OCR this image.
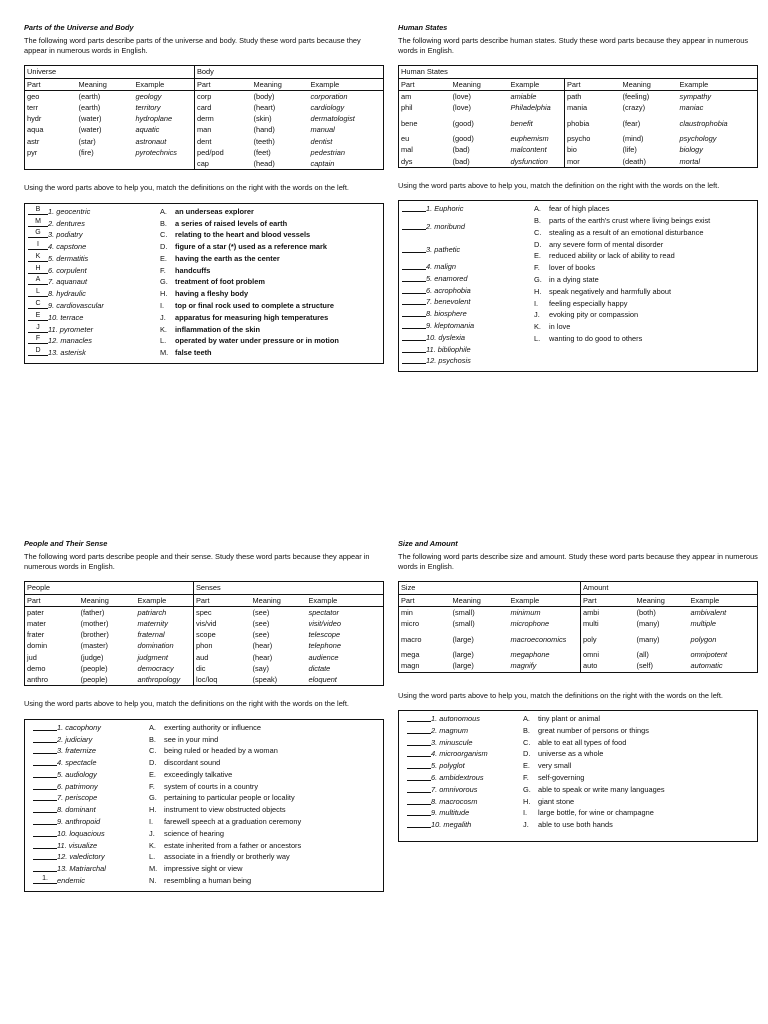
Parts of the Universe and Body
The following word parts describe parts of the universe and body. Study these word parts because they appear in numerous words in English.
Universe			Body		
Part	Meaning	Example	Part	Meaning	Example
geo	(earth)	geology	corp	(body)	corporation
terr	(earth)	territory	card	(heart)	cardiology
hydr	(water)	hydroplane	derm	(skin)	dermatologist
aqua	(water)	aquatic	man	(hand)	manual
astr	(star)	astronaut	dent	(teeth)	dentist
pyr	(fire)	pyrotechnics	ped/pod	(feet)	pedestrian
			cap	(head)	captain
Using the word parts above to help you, match the definitions on the right with the words on the left.
B	1. geocentric
M 2. dentures
G 3. podiatry
I	4. capstone
K	5. dermatitis
H	6. corpulent
A	7. aquanaut
L	8. hydraulic
C	9. cardiovascular
E	10. terrace
J	11. pyrometer
F	12. manacles
D	13. asterisk
A.	an underseas explorer
B.	a series of raised levels of earth
C.	relating to the heart and blood vessels
D.	figure of a star (*) used as a reference mark
E.	having the earth as the center
F.	handcuffs
G. treatment of foot problem
H.	having a fleshy body
I.	top or final rock used to complete a structure
J.	apparatus for measuring high temperatures
K.	inflammation of the skin
L.	operated by water under pressure or in motion
M. false teeth
Human States
The following word parts describe human states. Study these word parts because they appear in numerous words in English.
Human States					
Part	Meaning	Example	Part	Meaning	Example
am	(love)	amiable	path	(feeling)	sympathy
phil	(love)	Philadelphia	mania	(crazy)	maniac
bene	(good)	benefit	phobia	(fear)	claustrophobia
eu	(good)	euphemism	psycho	(mind)	psychology
mal	(bad)	malcontent	bio	(life)	biology
dys	(bad)	dysfunction	mor	(death)	mortal
Using the word parts above to help you, match the definition on the right with the words on the left.
1. Euphoric
2. moribund
3. pathetic
4. malign
5. enamored
6. acrophobia
7. benevolent
8. biosphere
9. kleptomania
10. dyslexia
11. bibliophile
12. psychosis
A.	fear of high places
B.	parts of the earth's crust where living beings exist
C.	stealing as a result of an emotional disturbance
D.	any severe form of mental disorder
E.	reduced ability or lack of ability to read
F.	lover of books
G. in a dying state
H.	speak negatively and harmfully about
I.	feeling especially happy
J.	evoking pity or compassion
K.	in love
L.	wanting to do good to others
People and Their Sense
The following word parts describe people and their sense. Study these word parts because they appear in numerous words in English.
People			Senses		
Part	Meaning	Example	Part	Meaning	Example
pater	(father)	patriarch	spec	(see)	spectator
mater	(mother)	maternity	vis/vid	(see)	visit/video
frater	(brother)	fraternal	scope	(see)	telescope
domin	(master)	domination	phon	(hear)	telephone
jud	(judge)	judgment	aud	(hear)	audience
demo	(people)	democracy	dic	(say)	dictate
anthro	(people)	anthropology	loc/loq	(speak)	eloquent
Using the word parts above to help you, match the definitions on the right with the words on the left.
1. cacophony
2. judiciary
3. fraternize
4. spectacle
5. audiology
6. patrimony
7. periscope
8. dominant
9. anthropoid
10. loquacious
11. visualize
12. valedictory
13. Matriarchal
1.	endemic
A.	exerting authority or influence
B.	see in your mind
C.	being ruled or headed by a woman
D.	discordant sound
E.	exceedingly talkative
F.	system of courts in a country
G. pertaining to particular people or locality
H.	instrument to view obstructed objects
I.	farewell speech at a graduation ceremony
J.	science of hearing
K.	estate inherited from a father or ancestors
L.	associate in a friendly or brotherly way
M. impressive sight or view
N.	resembling a human being
Size and Amount
The following word parts describe size and amount. Study these word parts because they appear in numerous words in English.
Size			Amount		
Part	Meaning	Example	Part	Meaning	Example
min	(small)	minimum	ambi	(both)	ambivalent
micro	(small)	microphone	multi	(many)	multiple
macro	(large)	macroeconomics	poly	(many)	polygon
mega	(large)	megaphone	omni	(all)	omnipotent
magn	(large)	magnify	auto	(self)	automatic
Using the word parts above to help you, match the definitions on the right with the words on the left.
1. autonomous
2. magnum
3. minuscule
4. microorganism
5. polyglot
6. ambidextrous
7. omnivorous
8. macrocosm
9. multitude
10. megalith
A.	tiny plant or animal
B.	great number of persons or things
C.	able to eat all types of food
D.	universe as a whole
E.	very small
F.	self-governing
G. able to speak or write many languages
H.	giant stone
I.	large bottle, for wine or champagne
J.	able to use both hands
